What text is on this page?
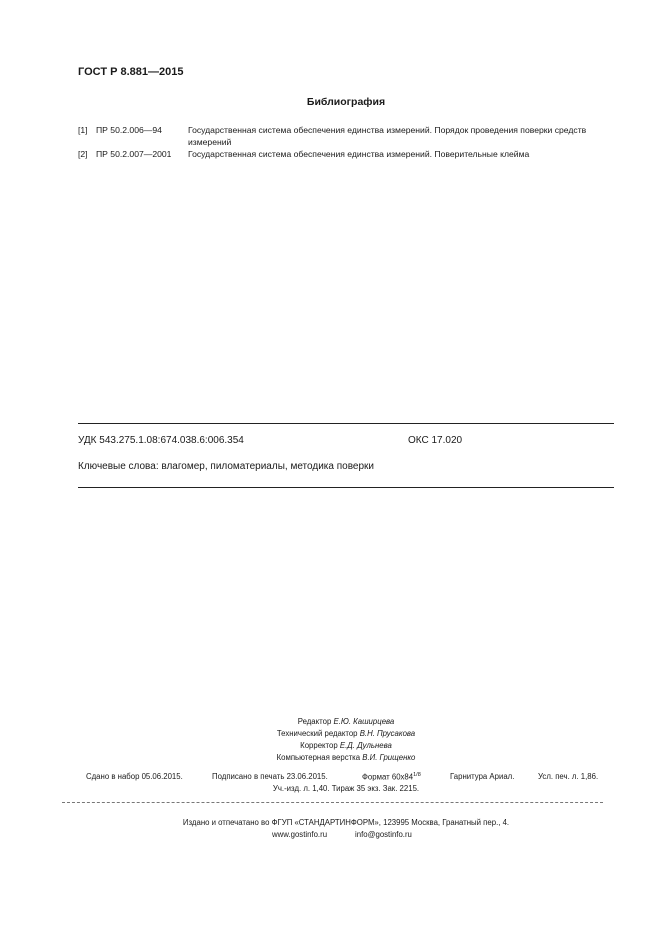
ГОСТ Р 8.881—2015
Библиография
[1] ПР 50.2.006—94	Государственная система обеспечения единства измерений. Порядок проведения поверки средств измерений
[2] ПР 50.2.007—2001 Государственная система обеспечения единства измерений. Поверительные клейма
УДК 543.275.1.08:674.038.6:006.354	ОКС 17.020
Ключевые слова: влагомер, пиломатериалы, методика поверки
Редактор Е.Ю. Каширцева
Технический редактор В.Н. Прусакова
Корректор Е.Д. Дульнева
Компьютерная верстка В.И. Грищенко
Сдано в набор 05.06.2015.	Подписано в печать 23.06.2015.	Формат $60х84^{1/8}$	Гарнитура Ариал.	Усл. печ. л. 1,86.
Уч.-изд. л. 1,40. Тираж 35 экз. Зак. 2215.
Издано и отпечатано во ФГУП «СТАНДАРТИНФОРМ», 123995 Москва, Гранатный пер., 4.
www.gostinfo.ru	info@gostinfo.ru
